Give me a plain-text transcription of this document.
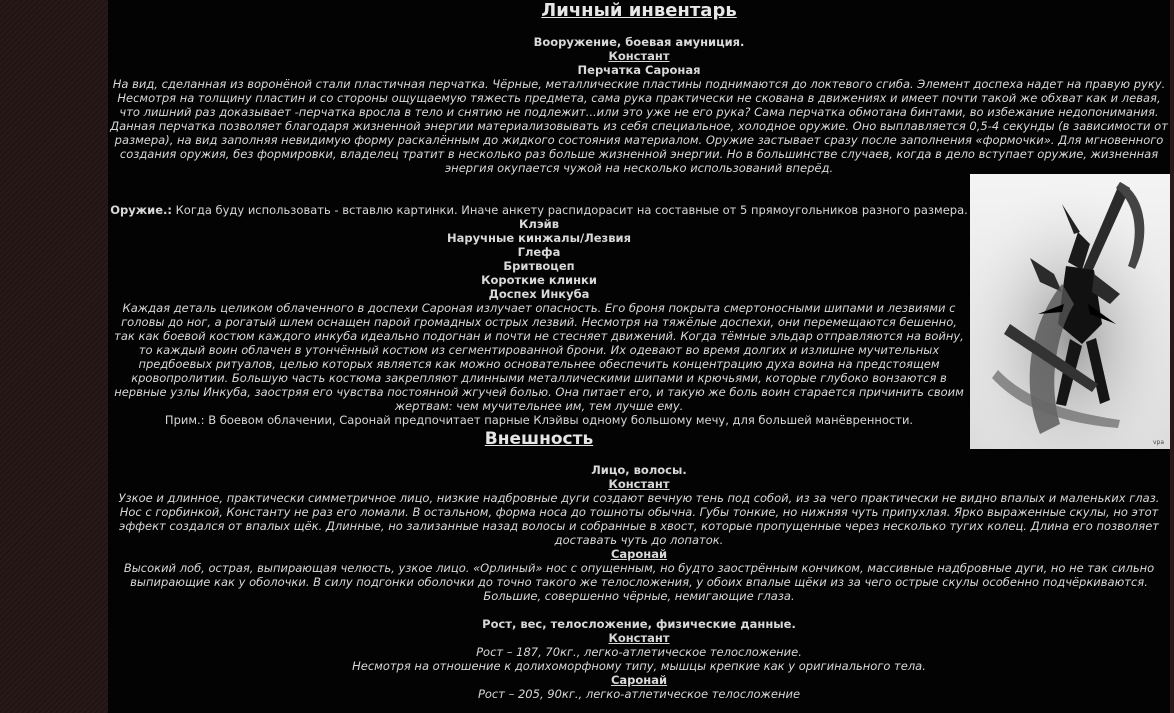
Личный инвентарь

Вооружение, боевая амуниция.
Констант
Перчатка Сароная
На вид, сделанная из воронёной стали пластичная перчатка. Чёрные, металлические пластины поднимаются до локтевого сгиба. Элемент доспеха надет на правую руку. Несмотря на толщину пластин и со стороны ощущаемую тяжесть предмета, сама рука практически не скована в движениях и имеет почти такой же обхват как и левая, что лишний раз доказывает -перчатка вросла в тело и снятию не подлежит...или это уже не его рука? Сама перчатка обмотана бинтами, во избежание недопонимания.
Данная перчатка позволяет благодаря жизненной энергии материализовывать из себя специальное, холодное оружие. Оно выплавляется 0,5-4 секунды (в зависимости от размера), на вид заполняя невидимую форму раскалённым до жидкого состояния материалом. Оружие застывает сразу после заполнения «формочки». Для мгновенного создания оружия, без формировки, владелец тратит в несколько раз больше жизненной энергии. Но в большинстве случаев, когда в дело вступает оружие, жизненная энергия окупается чужой на несколько использований вперёд.
Оружие.: Когда буду использовать - вставлю картинки. Иначе анкету распидорасит на составные от 5 прямоугольников разного размера.
Клэйв
Наручные кинжалы/Лезвия
Глефа
Бритвоцеп
Короткие клинки
Доспех Инкуба
Каждая деталь целиком облаченного в доспехи Сароная излучает опасность. Его броня покрыта смертоносными шипами и лезвиями с головы до ног, а рогатый шлем оснащен парой громадных острых лезвий. Несмотря на тяжёлые доспехи, они перемещаются бешенно, так как боевой костюм каждого инкуба идеально подогнан и почти не стесняет движений. Когда тёмные эльдар отправляются на войну, то каждый воин облачен в утончённый костюм из сегментированной брони. Их одевают во время долгих и излишне мучительных предбоевых ритуалов, целью которых является как можно основательнее обеспечить концентрацию духа воина на предстоящем кровопролитии. Большую часть костюма закрепляют длинными металлическими шипами и крючьями, которые глубоко вонзаются в нервные узлы Инкуба, заостряя его чувства постоянной жгучей болью. Она питает его, и такую же боль воин старается причинить своим жертвам: чем мучительнее им, тем лучше ему.
Прим.: В боевом облачении, Саронай предпочитает парные Клэйвы одному большому мечу, для большей манёвренности.
vpa

Внешность

Лицо, волосы.
Констант
Узкое и длинное, практически симметричное лицо, низкие надбровные дуги создают вечную тень под собой, из за чего практически не видно впалых и маленьких глаз. Нос с горбинкой, Константу не раз его ломали. В остальном, форма носа до тошноты обычна. Губы тонкие, но нижняя чуть припухлая. Ярко выраженные скулы, но этот эффект создался от впалых щёк. Длинные, но зализанные назад волосы и собранные в хвост, которые пропущенные через несколько тугих колец. Длина его позволяет доставать чуть до лопаток.
Саронай
Высокий лоб, острая, выпирающая челюсть, узкое лицо. «Орлиный» нос с опущенным, но будто заострённым кончиком, массивные надбровные дуги, но не так сильно выпирающие как у оболочки. В силу подгонки оболочки до точно такого же телосложения, у обоих впалые щёки из за чего острые скулы особенно подчёркиваются. Большие, совершенно чёрные, немигающие глаза.
Рост, вес, телосложение, физические данные.
Констант
Рост – 187, 70кг., легко-атлетическое телосложение.
Несмотря на отношение к долихоморфному типу, мышцы крепкие как у оригинального тела.
Саронай
Рост – 205, 90кг., легко-атлетическое телосложение
